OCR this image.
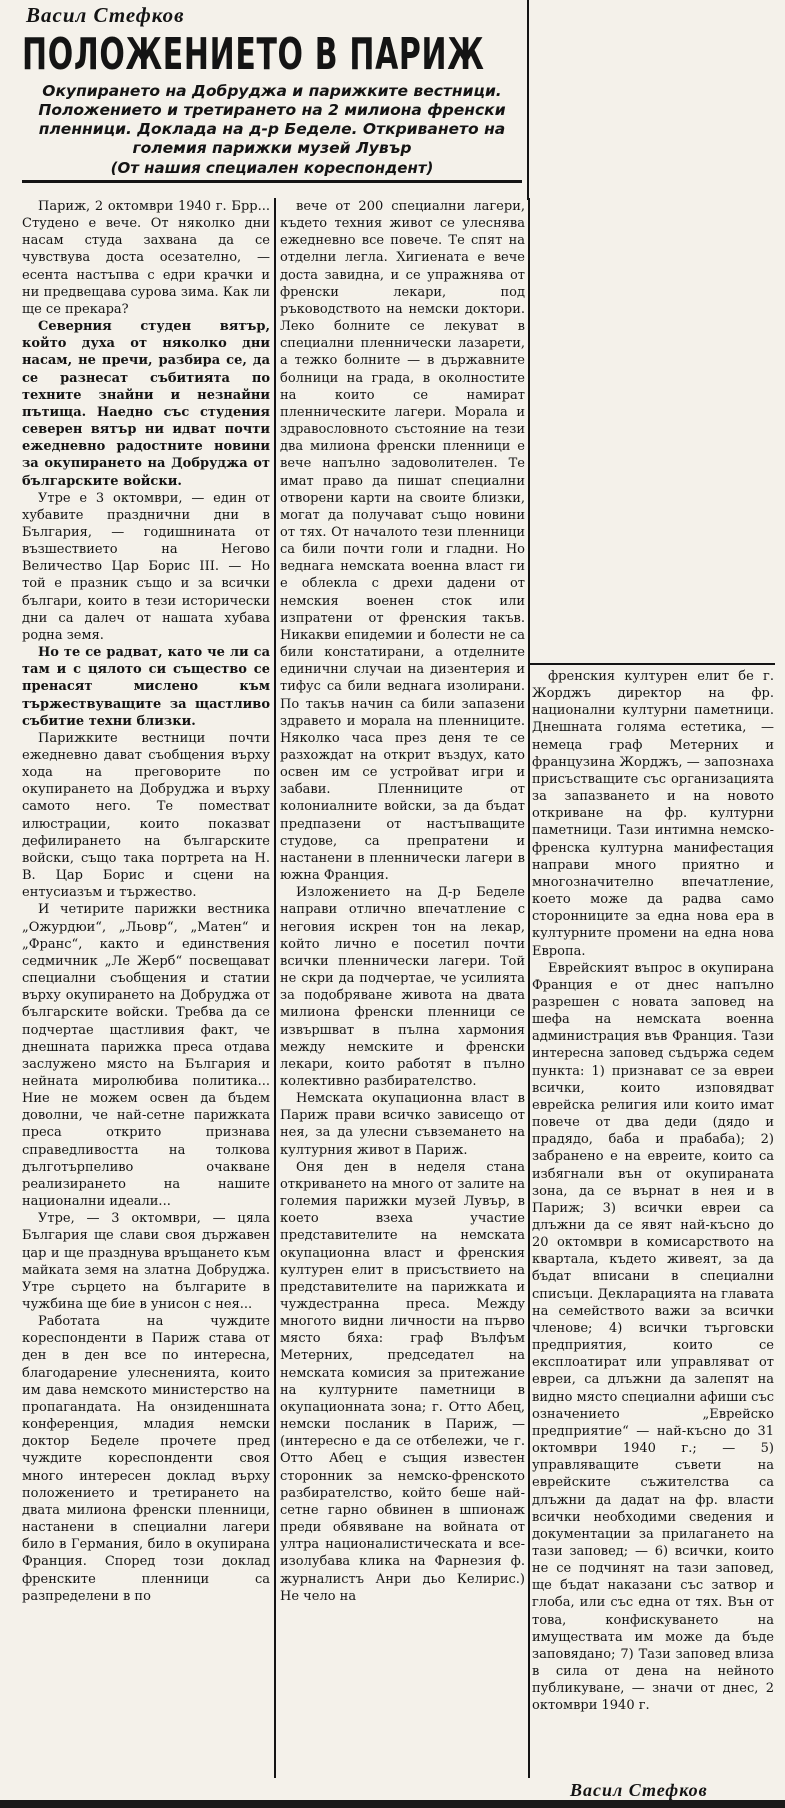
Васил Стефков
ПОЛОЖЕНИЕТО В ПАРИЖ
Окупирането на Добруджа и парижките вестници. Положението и третирането на 2 милиона френски пленници. Доклада на д-р Беделе. Откриването на големия парижки музей Лувър
(От нашия специален кореспондент)

Париж, 2 октомври 1940 г. Брр... Студено е вече. От няколко дни насам студа захвана да се чувствува доста осезателно, — есента настъпва с едри крачки и ни предвещава сурова зима. Как ли ще се прекара?

Северния студен вятър, който духа от няколко дни насам, не пречи, разбира се, да се разнесат събитията по техните знайни и незнайни пътища. Наедно със студения северен вятър ни идват почти ежедневно радостните новини за окупирането на Добруджа от българските войски.

Утре е 3 октомври, — един от хубавите празднични дни в България, — годишнината от възшествието на Негово Величество Цар Борис III. — Но той е празник също и за всички българи, които в тези исторически дни са далеч от нашата хубава родна земя.

Но те се радват, като че ли са там и с цялото си същество се пренасят мислено към тържествуващите за щастливо събитие техни близки.

Парижките вестници почти ежедневно дават съобщения върху хода на преговорите по окупирането на Добруджа и върху самото него. Те поместват илюстрации, които показват дефилирането на българските войски, също така портрета на Н. В. Цар Борис и сцени на ентусиазъм и тържество.

И четирите парижки вестника „Ожурдюи“, „Льовр“, „Матен“ и „Франс“, както и единствения седмичник „Ле Жерб“ посвещават специални съобщения и статии върху окупирането на Добруджа от българските войски. Требва да се подчертае щастливия факт, че днешната парижка преса отдава заслужено място на България и нейната миролюбива политика... Ние не можем освен да бъдем доволни, че най-сетне парижката преса открито признава справедливостта на толкова дълготърпеливо очакване реализирането на нашите национални идеали...

Утре, — 3 октомври, — цяла България ще слави своя държавен цар и ще празднува връщането към майката земя на златна Добруджа. Утре сърцето на българите в чужбина ще бие в унисон с нея...

Работата на чуждите кореспонденти в Париж става от ден в ден все по интересна, благодарение улесненията, които им дава немското министерство на пропагандата. На онзиденшната конференция, младия немски доктор Беделе прочете пред чуждите кореспонденти своя много интересен доклад върху положението и третирането на двата милиона френски пленници, настанени в специални лагери било в Германия, било в окупирана Франция. Според този доклад френските пленници са разпределени в по

вече от 200 специални лагери, където техния живот се улеснява ежедневно все повече. Те спят на отделни легла. Хигиената е вече доста завидна, и се упражнява от френски лекари, под ръководството на немски доктори. Леко болните се лекуват в специални пленнически лазарети, а тежко болните — в държавните болници на града, в околностите на които се намират пленническите лагери. Морала и здравословното състояние на тези два милиона френски пленници е вече напълно задоволителен. Те имат право да пишат специални отворени карти на своите близки, могат да получават също новини от тях. От началото тези пленници са били почти голи и гладни. Но веднага немската военна власт ги е облекла с дрехи дадени от немския военен сток или изпратени от френския такъв. Никакви епидемии и болести не са били констатирани, а отделните единични случаи на дизентерия и тифус са били веднага изолирани. По такъв начин са били запазени здравето и морала на пленниците. Няколко часа през деня те се разхождат на открит въздух, като освен им се устройват игри и забави. Пленниците от колониалните войски, за да бъдат предпазени от настъпващите студове, са препратени и настанени в пленнически лагери в южна Франция.

Изложението на Д-р Беделе направи отлично впечатление с неговия искрен тон на лекар, който лично е посетил почти всички пленнически лагери. Той не скри да подчертае, че усилията за подобряване живота на двата милиона френски пленници се извършват в пълна хармония между немските и френски лекари, които работят в пълно колективно разбирателство.

Немската окупационна власт в Париж прави всичко зависещо от нея, за да улесни съвземането на културния живот в Париж.

Оня ден в неделя стана откриването на много от залите на големия парижки музей Лувър, в което взеха участие представителите на немската окупационна власт и френския културен елит в присъствието на представителите на парижката и чуждестранна преса. Между многото видни личности на първо място бяха: граф Вълфъм Метерних, председател на немската комисия за притежание на културните паметници в окупационната зона; г. Отто Абец, немски посланик в Париж, — (интересно е да се отбележи, че г. Отто Абец е същия известен сторонник за немско-френското разбирателство, който беше най-сетне гарно обвинен в шпионаж преди обявяване на войната от ултра националистическата и все-изолубава клика на Фарнезия ф. журналистъ Анри дьо Келирис.) Не чело на

френския културен елит бе г. Жорджъ директор на фр. национални културни паметници. Днешната голяма естетика, — немеца граф Метерних и французина Жорджъ, — запознаха присъстващите със организацията за запазването и на новото откриване на фр. културни паметници. Тази интимна немско-френска културна манифестация направи много приятно и многозначително впечатление, което може да радва само сторонниците за една нова ера в културните промени на една нова Европа.

Еврейският въпрос в окупирана Франция е от днес напълно разрешен с новата заповед на шефа на немската военна администрация във Франция. Тази интересна заповед съдържа седем пункта: 1) признават се за евреи всички, които изповядват еврейска религия или които имат повече от два деди (дядо и прадядо, баба и прабаба); 2) забранено е на евреите, които са избягнали вън от окупираната зона, да се върнат в нея и в Париж; 3) всички евреи са длъжни да се явят най-късно до 20 октомври в комисарството на квартала, където живеят, за да бъдат вписани в специални списъци. Декларацията на главата на семейството важи за всички членове; 4) всички търговски предприятия, които се експлоатират или управляват от евреи, са длъжни да залепят на видно място специални афиши със означението „Еврейско предприятие“ — най-късно до 31 октомври 1940 г.; — 5) управляващите съвети на еврейските съжителства са длъжни да дадат на фр. власти всички необходими сведения и документации за прилагането на тази заповед; — 6) всички, които не се подчинят на тази заповед, ще бъдат наказани със затвор и глоба, или със една от тях. Вън от това, конфискуването на имуществата им може да бъде заповядано; 7) Тази заповед влиза в сила от дена на нейното публикуване, — значи от днес, 2 октомври 1940 г.

Васил Стефков
